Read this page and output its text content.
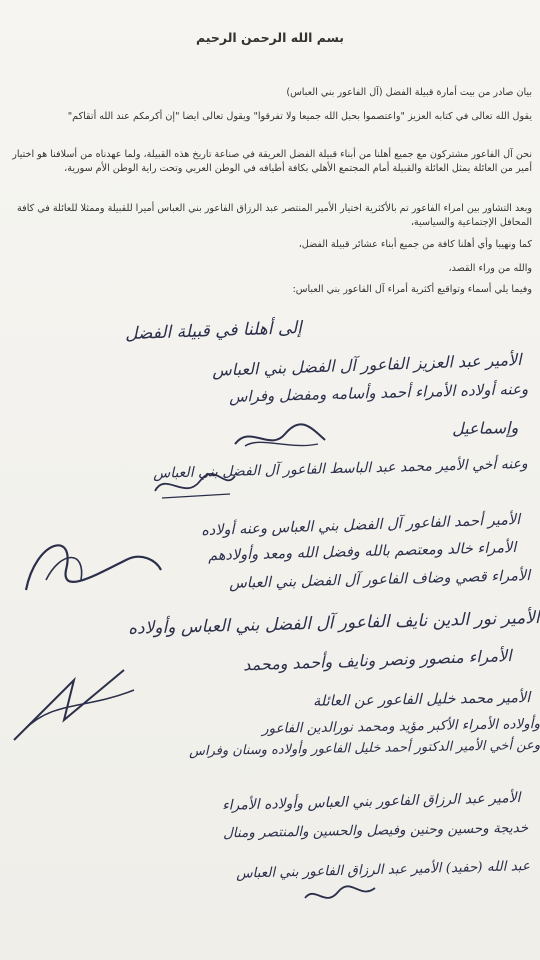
بسم الله الرحمن الرحيم
بيان صادر من بيت أمارة قبيلة الفضل (آل الفاعور بني العباس)
يقول الله تعالى في كتابه العزيز "واعتصموا بحبل الله جميعا ولا تفرقوا" ويقول تعالى ايضا "إن أكرمكم عند الله أتقاكم"
نحن آل الفاعور مشتركون مع جميع أهلنا من أبناء قبيلة الفضل العريقة في صناعة تاريخ هذه القبيلة، ولما عهدناه من أسلافنا هو اختيار أمير من العائلة يمثل العائلة والقبيلة أمام المجتمع الأهلي بكافة أطيافه في الوطن العربي وتحت راية الوطن الأم سورية،
وبعد التشاور بين امراء الفاعور تم بالأكثرية اختيار الأمير المنتصر عبد الرزاق الفاعور بني العباس أميرا للقبيلة وممثلا للعائلة في كافة المحافل الإجتماعية والسياسية،
كما ونهيبا وأي أهلنا كافة من جميع أبناء عشائر قبيلة الفضل،
والله من وراء القصد،
وفيما يلي أسماء وتواقيع أكثرية أمراء آل الفاعور بني العباس:
إلى أهلنا في قبيلة الفضل
الأمير عبد العزيز الفاعور آل الفضل بني العباس
وعنه أولاده الأمراء أحمد وأسامه ومفضل وفراس
وإسماعيل
وعنه أخي الأمير محمد عبد الباسط الفاعور آل الفضل بني العباس
الأمير أحمد الفاعور آل الفضل بني العباس وعنه أولاده
الأمراء خالد ومعتصم بالله وفضل الله ومعد وأولادهم
الأمراء قصي وضاف الفاعور آل الفضل بني العباس
الأمير نور الدين نايف الفاعور آل الفضل بني العباس وأولاده
الأمراء منصور ونصر ونايف وأحمد ومحمد
الأمير محمد خليل الفاعور عن العائلة
وأولاده الأمراء الأكبر مؤيد ومحمد نورالدين الفاعور
وعن أخي الأمير الدكتور أحمد خليل الفاعور وأولاده وسنان وفراس
الأمير عبد الرزاق الفاعور بني العباس وأولاده الأمراء
خديجة وحسين وحنين وفيصل والحسين والمنتصر ومنال
عبد الله (حفيد) الأمير عبد الرزاق الفاعور بني العباس
